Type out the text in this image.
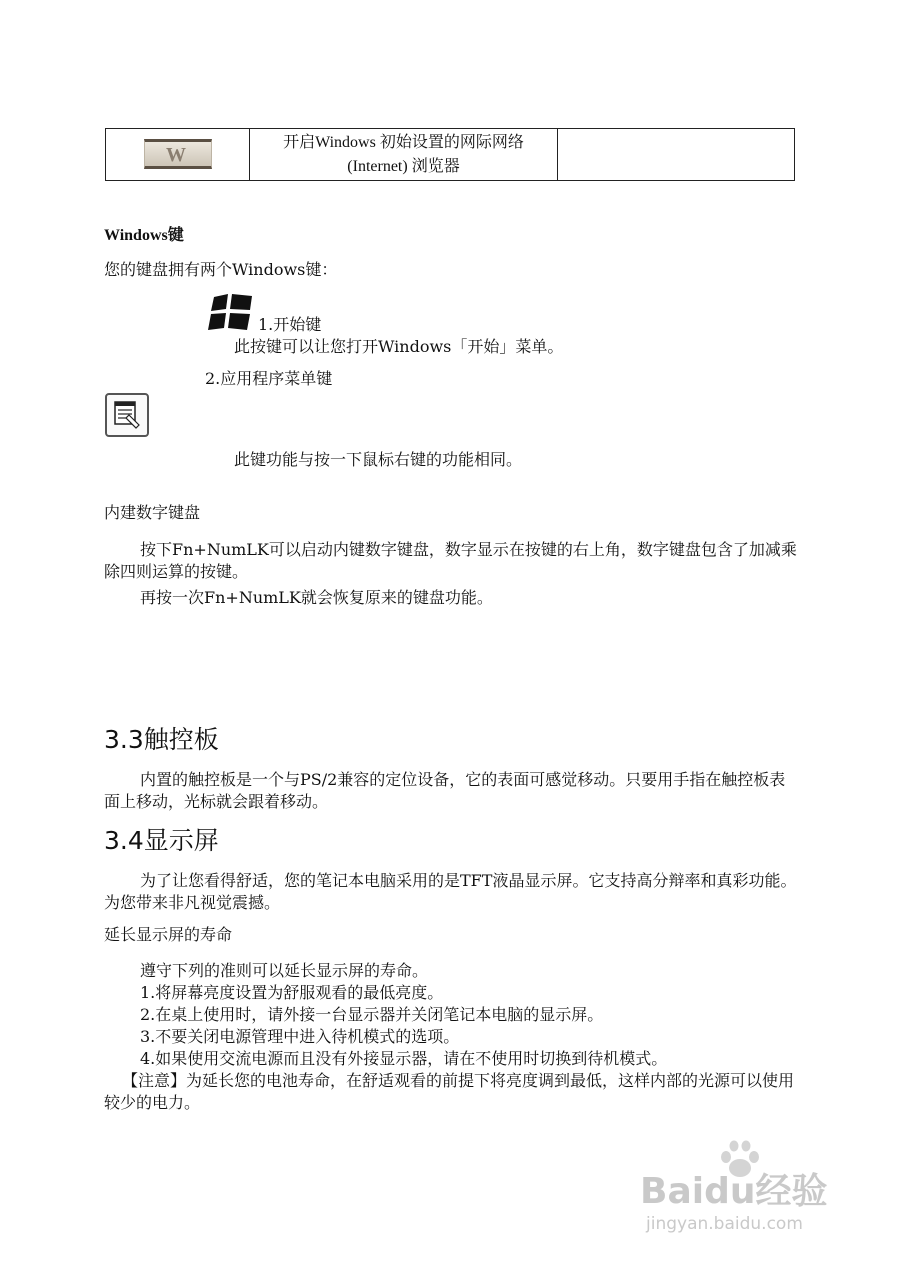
W
开启Windows 初始设置的网际网络
(Internet) 浏览器
Windows键
您的键盘拥有两个Windows键：
1.开始键
此按键可以让您打开Windows「开始」菜单。
2.应用程序菜单键
此键功能与按一下鼠标右键的功能相同。
内建数字键盘
按下Fn+NumLK可以启动内键数字键盘，数字显示在按键的右上角，数字键盘包含了加减乘除四则运算的按键。
再按一次Fn+NumLK就会恢复原来的键盘功能。
3.3触控板
内置的触控板是一个与PS/2兼容的定位设备，它的表面可感觉移动。只要用手指在触控板表面上移动，光标就会跟着移动。
3.4显示屏
为了让您看得舒适，您的笔记本电脑采用的是TFT液晶显示屏。它支持高分辩率和真彩功能。为您带来非凡视觉震撼。
延长显示屏的寿命
遵守下列的准则可以延长显示屏的寿命。
1.将屏幕亮度设置为舒服观看的最低亮度。
2.在桌上使用时，请外接一台显示器并关闭笔记本电脑的显示屏。
3.不要关闭电源管理中进入待机模式的选项。
4.如果使用交流电源而且没有外接显示器，请在不使用时切换到待机模式。
【注意】为延长您的电池寿命，在舒适观看的前提下将亮度调到最低，这样内部的光源可以使用较少的电力。
Baidu经验
jingyan.baidu.com
